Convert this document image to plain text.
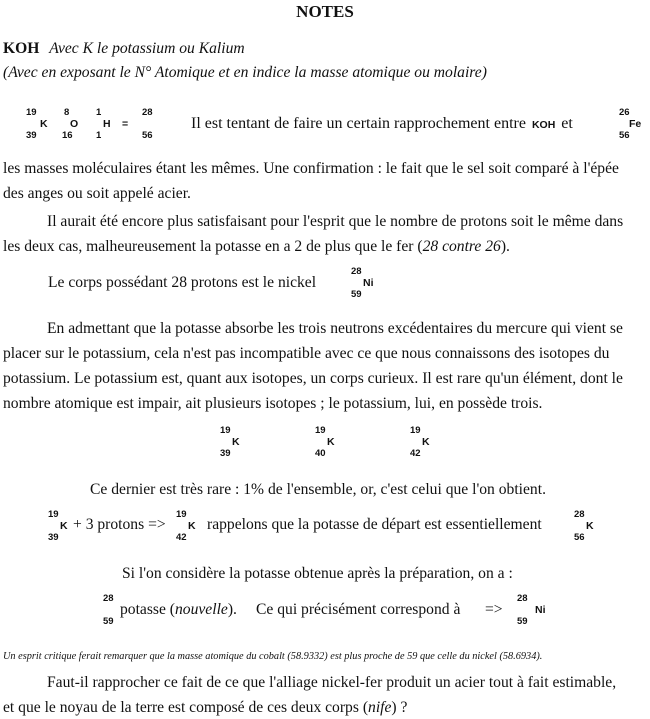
NOTES
KOH Avec K le potassium ou Kalium
(Avec en exposant le N° Atomique et en indice la masse atomique ou molaire)
19
K
39
8
O
16
1
H
1
=
28
56
Il est tentant de faire un certain rapprochement entre KOH et
26
Fe
56
les masses moléculaires étant les mêmes. Une confirmation : le fait que le sel soit comparé à l'épée
des anges ou soit appelé acier.
Il aurait été encore plus satisfaisant pour l'esprit que le nombre de protons soit le même dans
les deux cas, malheureusement la potasse en a 2 de plus que le fer (28 contre 26).
Le corps possédant 28 protons est le nickel
28
Ni
59
En admettant que la potasse absorbe les trois neutrons excédentaires du mercure qui vient se
placer sur le potassium, cela n'est pas incompatible avec ce que nous connaissons des isotopes du
potassium. Le potassium est, quant aux isotopes, un corps curieux. Il est rare qu'un élément, dont le
nombre atomique est impair, ait plusieurs isotopes ; le potassium, lui, en possède trois.
19
K
39
19
K
40
19
K
42
Ce dernier est très rare : 1% de l'ensemble, or, c'est celui que l'on obtient.
19
K
39
+ 3 protons =>
19
K
42
rappelons que la potasse de départ est essentiellement
28
K
56
Si l'on considère la potasse obtenue après la préparation, on a :
28
59
potasse (nouvelle). Ce qui précisément correspond à =>
28
Ni
59
Un esprit critique ferait remarquer que la masse atomique du cobalt (58.9332) est plus proche de 59 que celle du nickel (58.6934).
Faut-il rapprocher ce fait de ce que l'alliage nickel-fer produit un acier tout à fait estimable,
et que le noyau de la terre est composé de ces deux corps (nife) ?
